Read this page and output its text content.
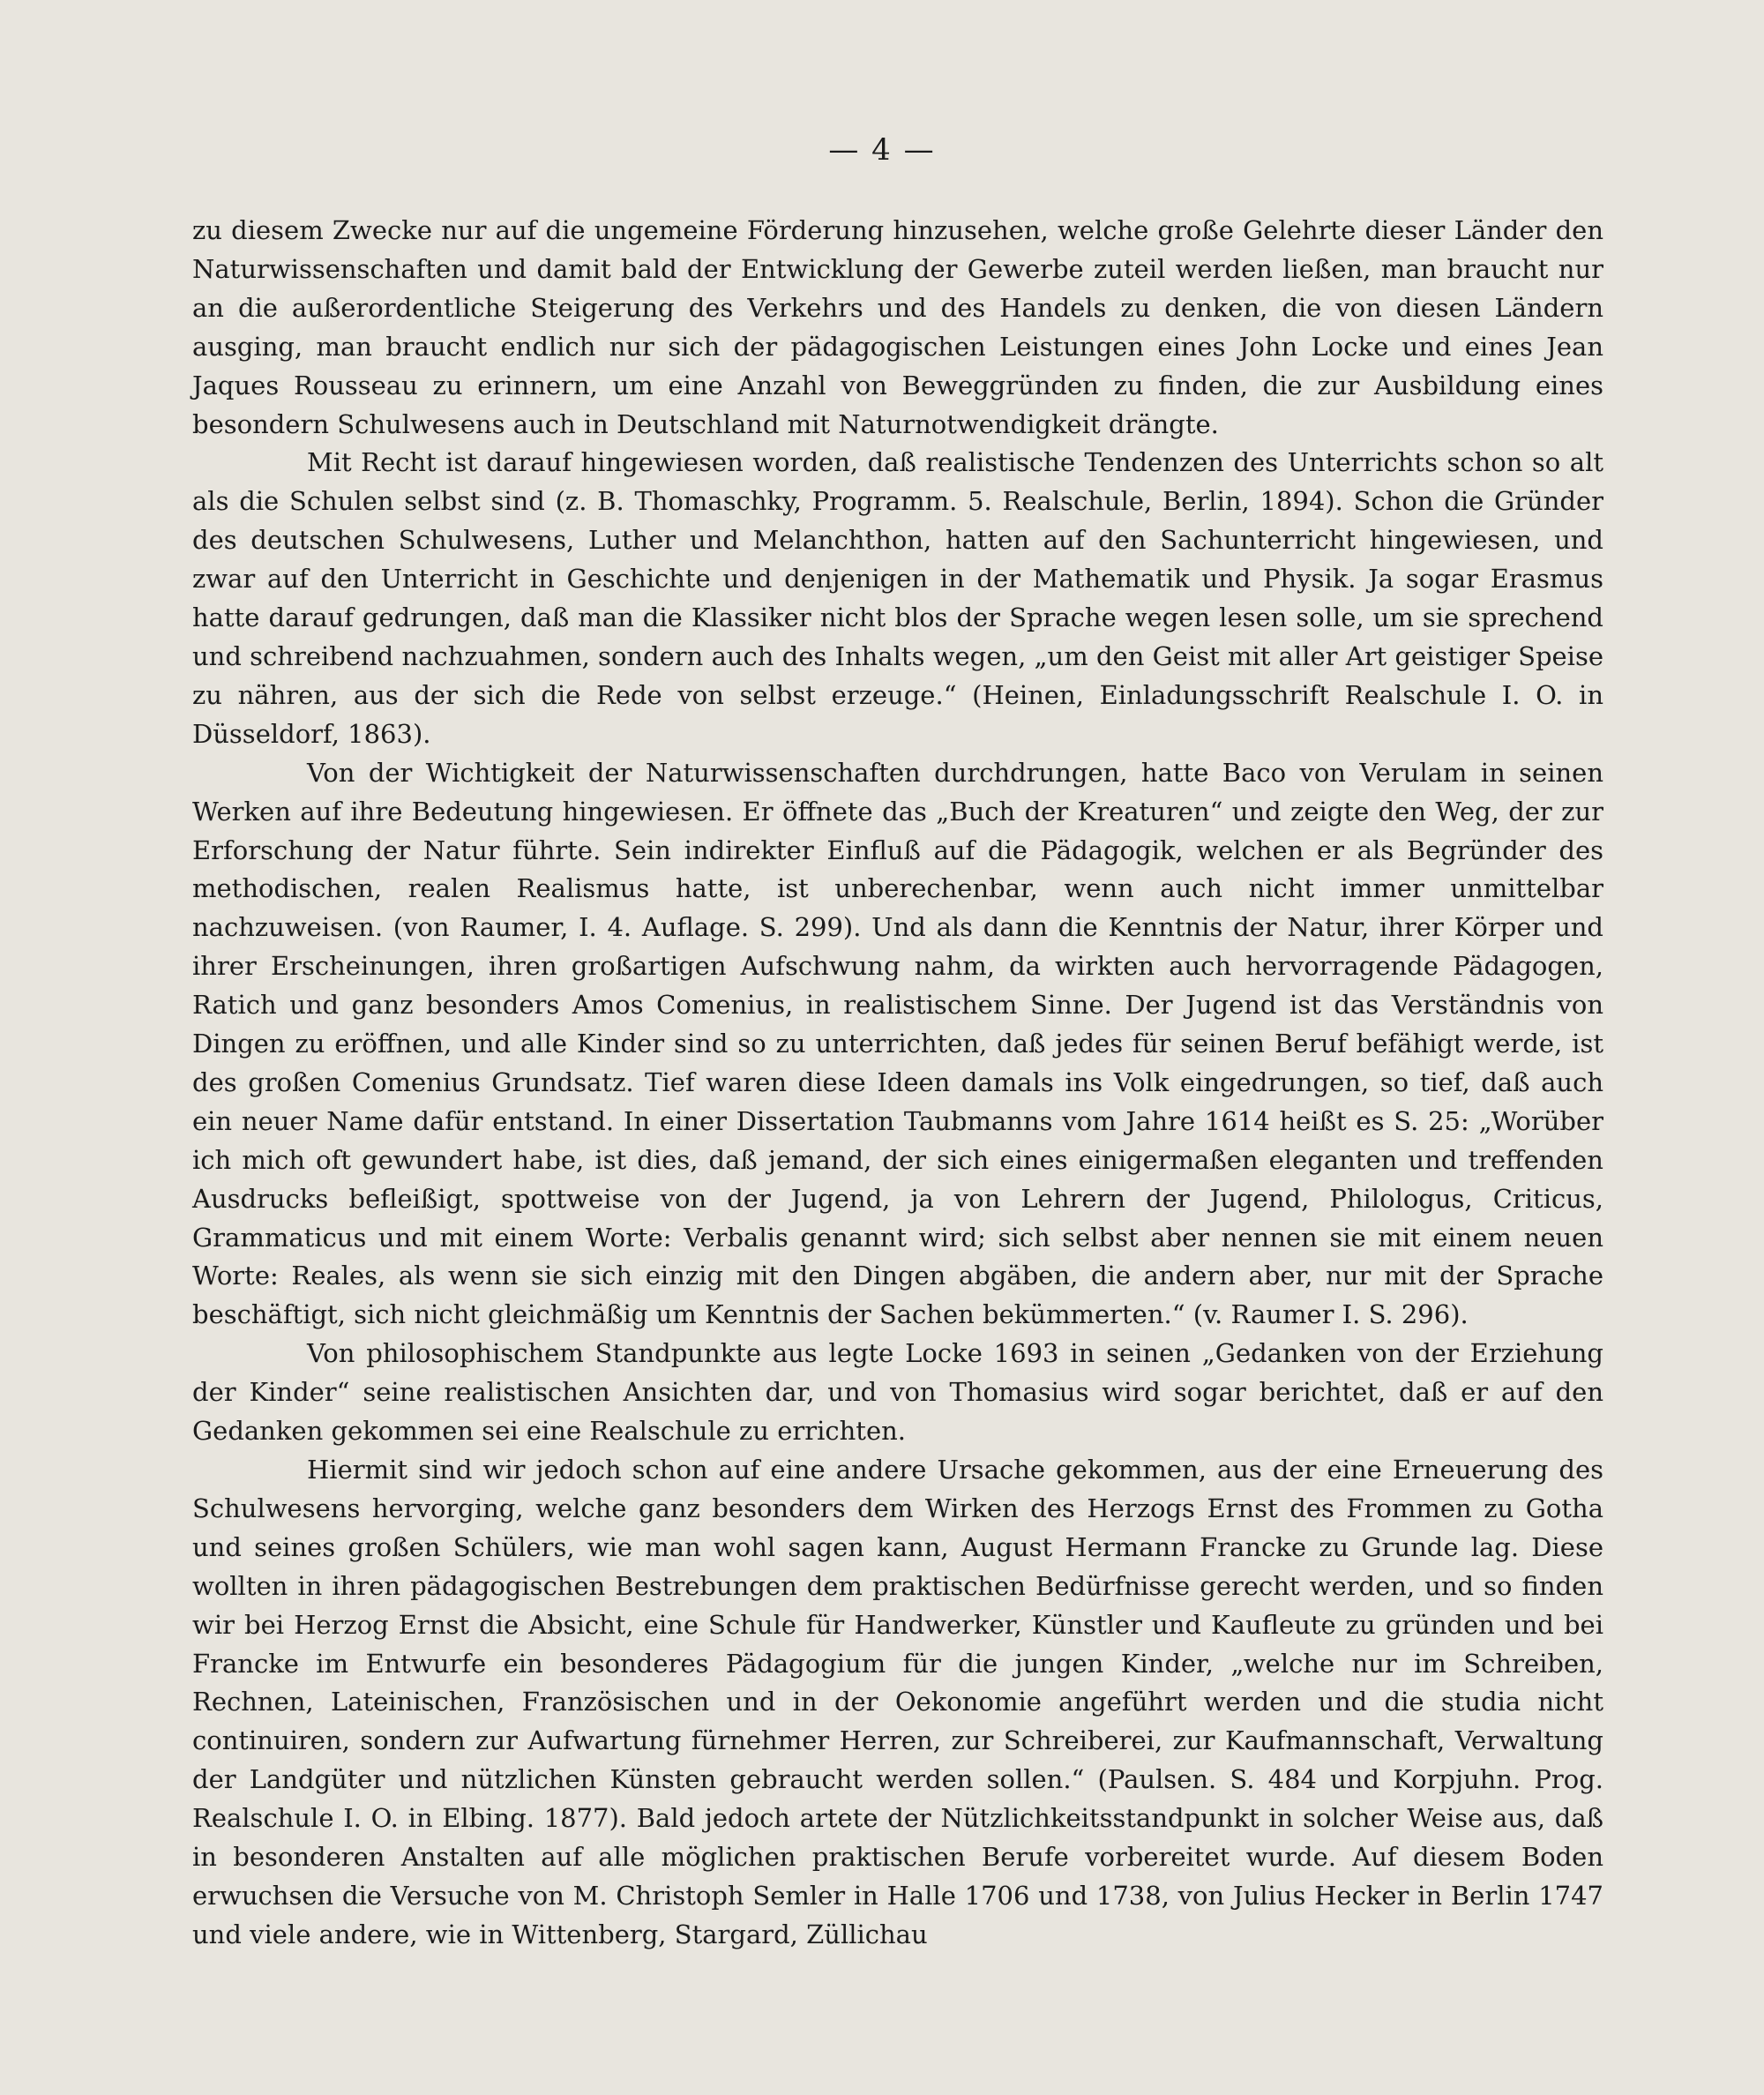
— 4 —

zu diesem Zwecke nur auf die ungemeine Förderung hinzusehen, welche große Gelehrte dieser Länder den Naturwissenschaften und damit bald der Entwicklung der Gewerbe zuteil werden ließen, man braucht nur an die außerordentliche Steigerung des Verkehrs und des Handels zu denken, die von diesen Ländern ausging, man braucht endlich nur sich der pädagogischen Leistungen eines John Locke und eines Jean Jaques Rousseau zu erinnern, um eine Anzahl von Beweggründen zu finden, die zur Ausbildung eines besondern Schulwesens auch in Deutschland mit Naturnotwendigkeit drängte.

Mit Recht ist darauf hingewiesen worden, daß realistische Tendenzen des Unterrichts schon so alt als die Schulen selbst sind (z. B. Thomaschky, Programm. 5. Realschule, Berlin, 1894). Schon die Gründer des deutschen Schulwesens, Luther und Melanchthon, hatten auf den Sachunterricht hingewiesen, und zwar auf den Unterricht in Geschichte und denjenigen in der Mathematik und Physik. Ja sogar Erasmus hatte darauf gedrungen, daß man die Klassiker nicht blos der Sprache wegen lesen solle, um sie sprechend und schreibend nachzuahmen, sondern auch des Inhalts wegen, „um den Geist mit aller Art geistiger Speise zu nähren, aus der sich die Rede von selbst erzeuge.“ (Heinen, Einladungsschrift Realschule I. O. in Düsseldorf, 1863).

Von der Wichtigkeit der Naturwissenschaften durchdrungen, hatte Baco von Verulam in seinen Werken auf ihre Bedeutung hingewiesen. Er öffnete das „Buch der Kreaturen“ und zeigte den Weg, der zur Erforschung der Natur führte. Sein indirekter Einfluß auf die Pädagogik, welchen er als Begründer des methodischen, realen Realismus hatte, ist unberechenbar, wenn auch nicht immer unmittelbar nachzuweisen. (von Raumer, I. 4. Auflage. S. 299). Und als dann die Kenntnis der Natur, ihrer Körper und ihrer Erscheinungen, ihren großartigen Aufschwung nahm, da wirkten auch hervorragende Pädagogen, Ratich und ganz besonders Amos Comenius, in realistischem Sinne. Der Jugend ist das Verständnis von Dingen zu eröffnen, und alle Kinder sind so zu unterrichten, daß jedes für seinen Beruf befähigt werde, ist des großen Comenius Grundsatz. Tief waren diese Ideen damals ins Volk eingedrungen, so tief, daß auch ein neuer Name dafür entstand. In einer Dissertation Taubmanns vom Jahre 1614 heißt es S. 25: „Worüber ich mich oft gewundert habe, ist dies, daß jemand, der sich eines einigermaßen eleganten und treffenden Ausdrucks befleißigt, spottweise von der Jugend, ja von Lehrern der Jugend, Philologus, Criticus, Grammaticus und mit einem Worte: Verbalis genannt wird; sich selbst aber nennen sie mit einem neuen Worte: Reales, als wenn sie sich einzig mit den Dingen abgäben, die andern aber, nur mit der Sprache beschäftigt, sich nicht gleichmäßig um Kenntnis der Sachen bekümmerten.“ (v. Raumer I. S. 296).

Von philosophischem Standpunkte aus legte Locke 1693 in seinen „Gedanken von der Erziehung der Kinder“ seine realistischen Ansichten dar, und von Thomasius wird sogar berichtet, daß er auf den Gedanken gekommen sei eine Realschule zu errichten.

Hiermit sind wir jedoch schon auf eine andere Ursache gekommen, aus der eine Erneuerung des Schulwesens hervorging, welche ganz besonders dem Wirken des Herzogs Ernst des Frommen zu Gotha und seines großen Schülers, wie man wohl sagen kann, August Hermann Francke zu Grunde lag. Diese wollten in ihren pädagogischen Bestrebungen dem praktischen Bedürfnisse gerecht werden, und so finden wir bei Herzog Ernst die Absicht, eine Schule für Handwerker, Künstler und Kaufleute zu gründen und bei Francke im Entwurfe ein besonderes Pädagogium für die jungen Kinder, „welche nur im Schreiben, Rechnen, Lateinischen, Französischen und in der Oekonomie angeführt werden und die studia nicht continuiren, sondern zur Aufwartung fürnehmer Herren, zur Schreiberei, zur Kaufmannschaft, Verwaltung der Landgüter und nützlichen Künsten gebraucht werden sollen.“ (Paulsen. S. 484 und Korpjuhn. Prog. Realschule I. O. in Elbing. 1877). Bald jedoch artete der Nützlichkeitsstandpunkt in solcher Weise aus, daß in besonderen Anstalten auf alle möglichen praktischen Berufe vorbereitet wurde. Auf diesem Boden erwuchsen die Versuche von M. Christoph Semler in Halle 1706 und 1738, von Julius Hecker in Berlin 1747 und viele andere, wie in Wittenberg, Stargard, Züllichau
